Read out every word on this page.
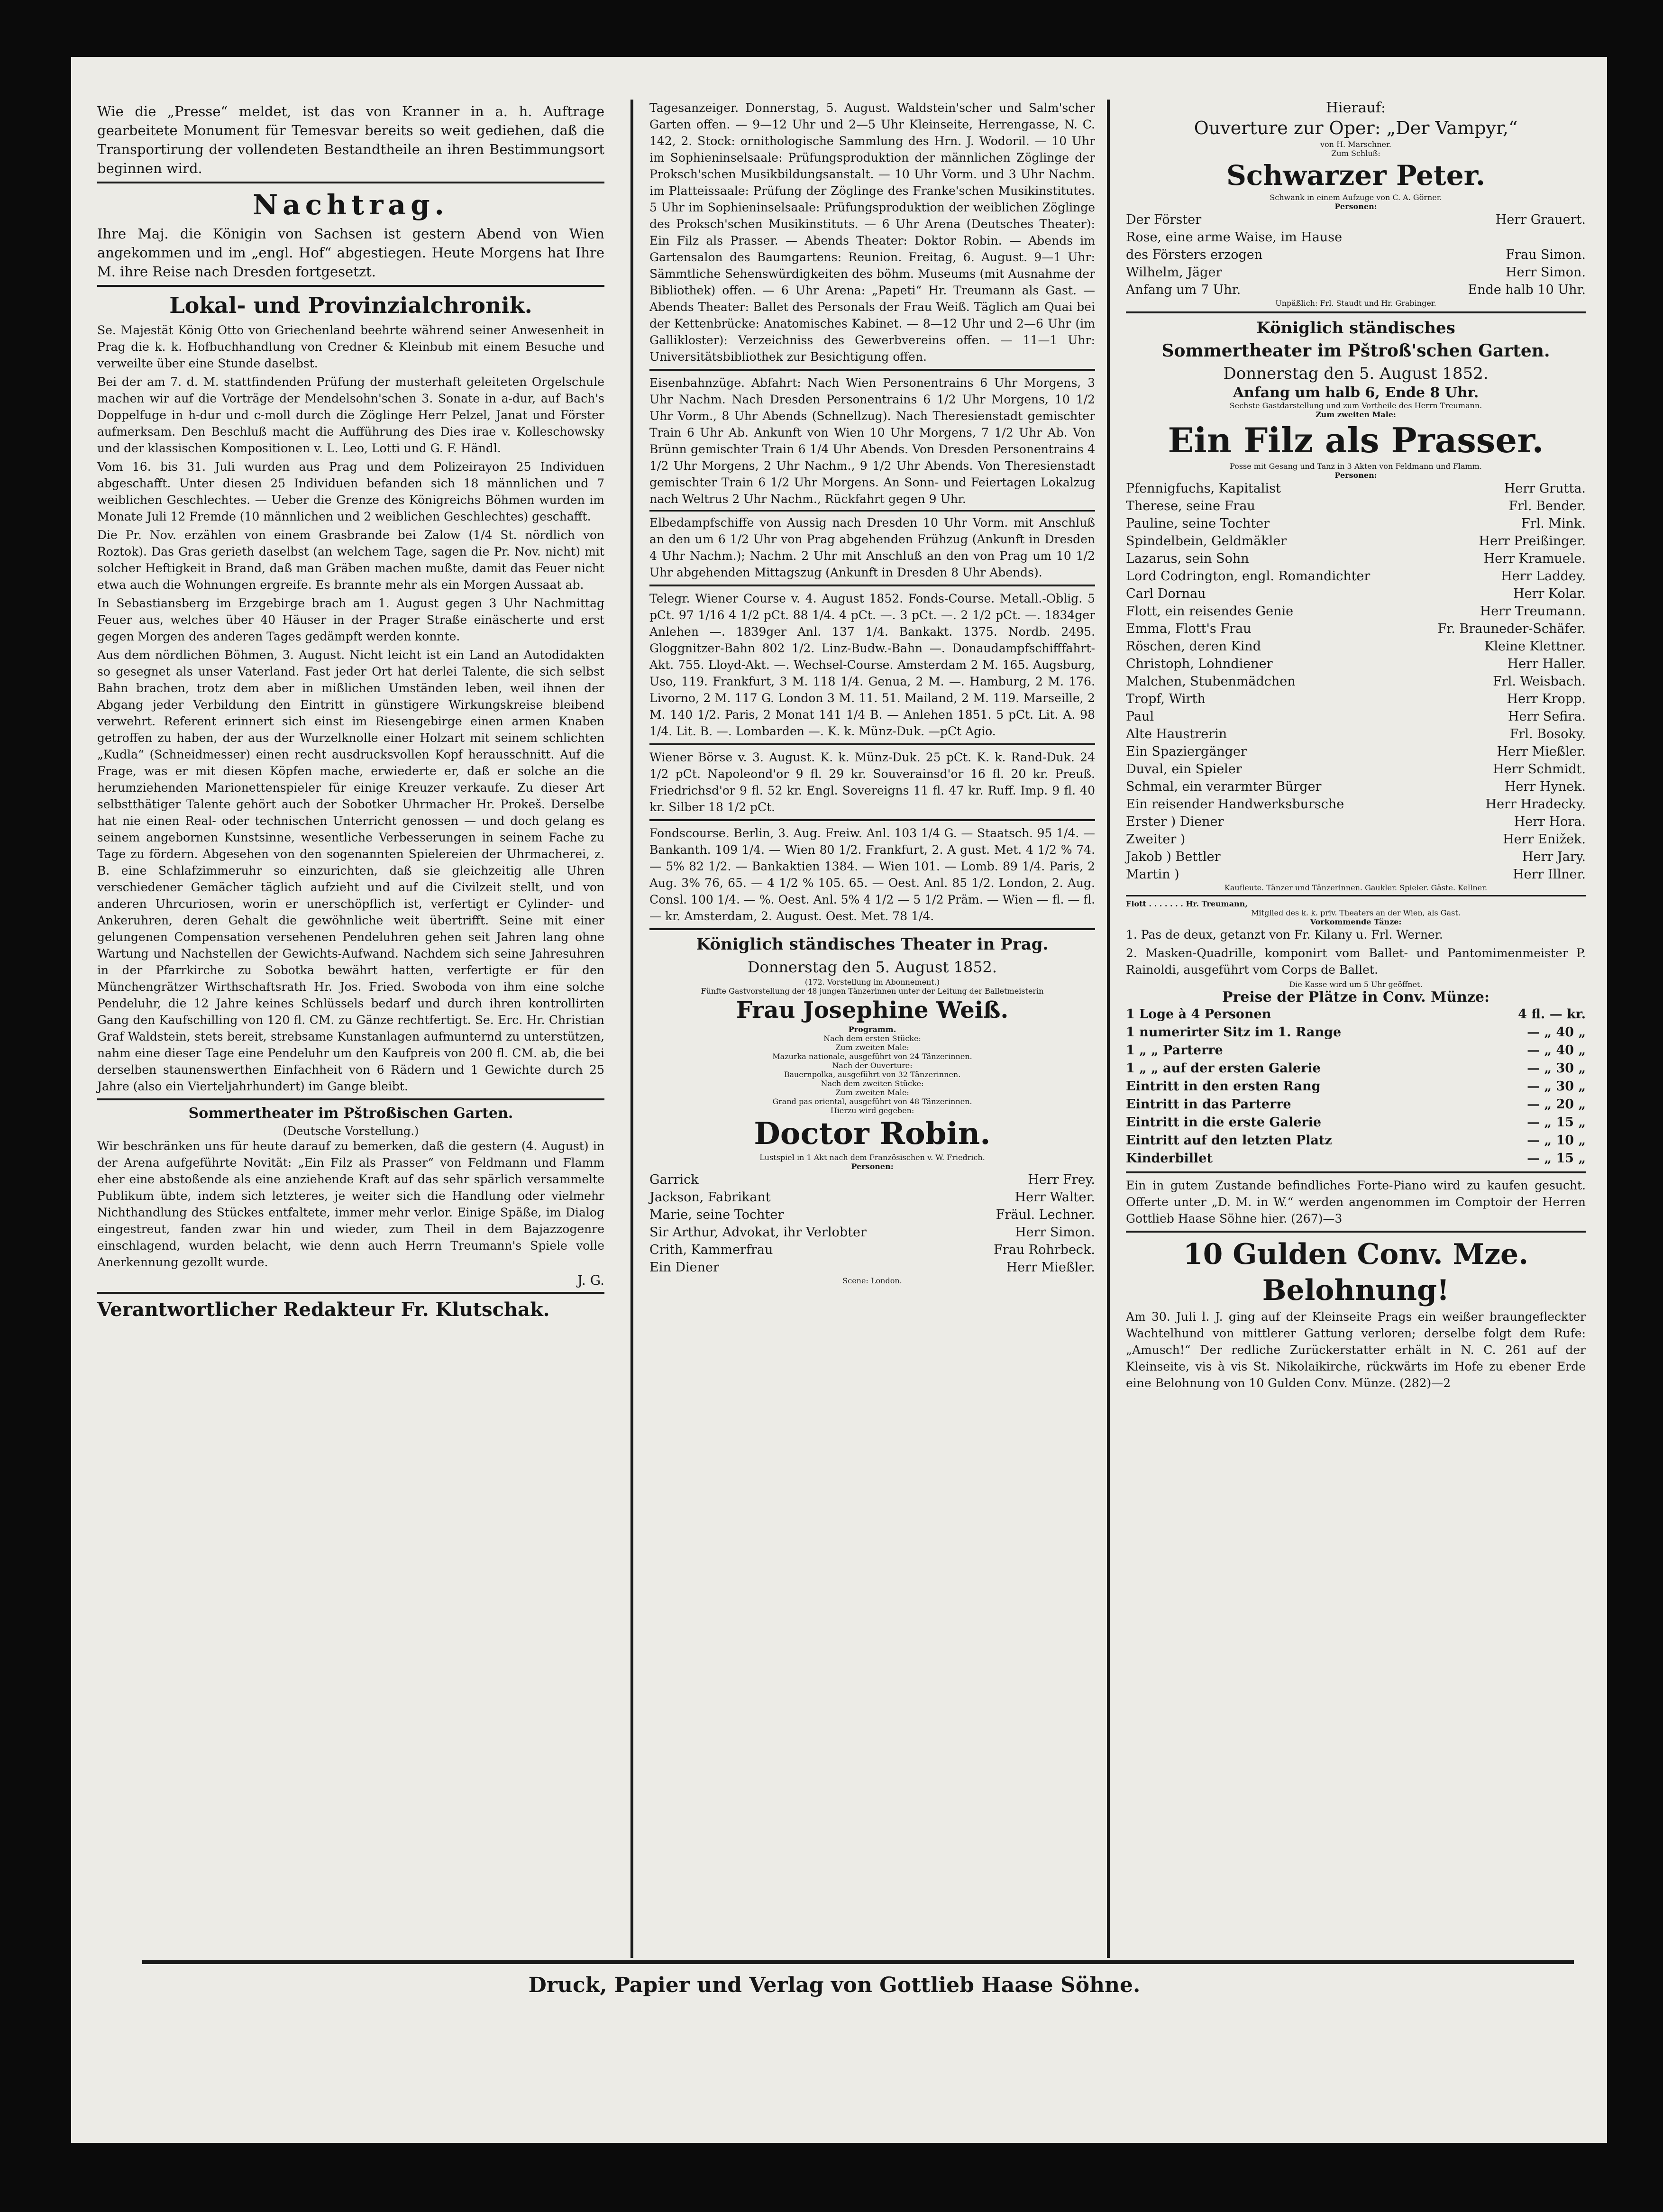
Wie die „Presse“ meldet, ist das von Kranner in a. h. Auftrage gearbeitete Monument für Temesvar bereits so weit gediehen, daß die Transportirung der vollendeten Bestandtheile an ihren Bestimmungsort beginnen wird.

Nachtrag.

Ihre Maj. die Königin von Sachsen ist gestern Abend von Wien angekommen und im „engl. Hof“ abgestiegen. Heute Morgens hat Ihre M. ihre Reise nach Dresden fortgesetzt.

Lokal- und Provinzialchronik.

Se. Majestät König Otto von Griechenland beehrte während seiner Anwesenheit in Prag die k. k. Hofbuchhandlung von Credner & Kleinbub mit einem Besuche und verweilte über eine Stunde daselbst.

Bei der am 7. d. M. stattfindenden Prüfung der musterhaft geleiteten Orgelschule machen wir auf die Vorträge der Mendelsohn'schen 3. Sonate in a-dur, auf Bach's Doppelfuge in h-dur und c-moll durch die Zöglinge Herr Pelzel, Janat und Förster aufmerksam. Den Beschluß macht die Aufführung des Dies irae v. Kolleschowsky und der klassischen Kompositionen v. L. Leo, Lotti und G. F. Händl.

Vom 16. bis 31. Juli wurden aus Prag und dem Polizeirayon 25 Individuen abgeschafft. Unter diesen 25 Individuen befanden sich 18 männlichen und 7 weiblichen Geschlechtes. — Ueber die Grenze des Königreichs Böhmen wurden im Monate Juli 12 Fremde (10 männlichen und 2 weiblichen Geschlechtes) geschafft.

Die Pr. Nov. erzählen von einem Grasbrande bei Zalow (1/4 St. nördlich von Roztok). Das Gras gerieth daselbst (an welchem Tage, sagen die Pr. Nov. nicht) mit solcher Heftigkeit in Brand, daß man Gräben machen mußte, damit das Feuer nicht etwa auch die Wohnungen ergreife. Es brannte mehr als ein Morgen Aussaat ab.

In Sebastiansberg im Erzgebirge brach am 1. August gegen 3 Uhr Nachmittag Feuer aus, welches über 40 Häuser in der Prager Straße einäscherte und erst gegen Morgen des anderen Tages gedämpft werden konnte.

Aus dem nördlichen Böhmen, 3. August. Nicht leicht ist ein Land an Autodidakten so gesegnet als unser Vaterland. Fast jeder Ort hat derlei Talente, die sich selbst Bahn brachen, trotz dem aber in mißlichen Umständen leben, weil ihnen der Abgang jeder Verbildung den Eintritt in günstigere Wirkungskreise bleibend verwehrt. Referent erinnert sich einst im Riesengebirge einen armen Knaben getroffen zu haben, der aus der Wurzelknolle einer Holzart mit seinem schlichten „Kudla“ (Schneidmesser) einen recht ausdrucksvollen Kopf herausschnitt. Auf die Frage, was er mit diesen Köpfen mache, erwiederte er, daß er solche an die herumziehenden Marionettenspieler für einige Kreuzer verkaufe. Zu dieser Art selbstthätiger Talente gehört auch der Sobotker Uhrmacher Hr. Prokeš. Derselbe hat nie einen Real- oder technischen Unterricht genossen — und doch gelang es seinem angebornen Kunstsinne, wesentliche Verbesserungen in seinem Fache zu Tage zu fördern. Abgesehen von den sogenannten Spielereien der Uhrmacherei, z. B. eine Schlafzimmeruhr so einzurichten, daß sie gleichzeitig alle Uhren verschiedener Gemächer täglich aufzieht und auf die Civilzeit stellt, und von anderen Uhrcuriosen, worin er unerschöpflich ist, verfertigt er Cylinder- und Ankeruhren, deren Gehalt die gewöhnliche weit übertrifft. Seine mit einer gelungenen Compensation versehenen Pendeluhren gehen seit Jahren lang ohne Wartung und Nachstellen der Gewichts-Aufwand. Nachdem sich seine Jahresuhren in der Pfarrkirche zu Sobotka bewährt hatten, verfertigte er für den Münchengrätzer Wirthschaftsrath Hr. Jos. Fried. Swoboda von ihm eine solche Pendeluhr, die 12 Jahre keines Schlüssels bedarf und durch ihren kontrollirten Gang den Kaufschilling von 120 fl. CM. zu Gänze rechtfertigt. Se. Erc. Hr. Christian Graf Waldstein, stets bereit, strebsame Kunstanlagen aufmunternd zu unterstützen, nahm eine dieser Tage eine Pendeluhr um den Kaufpreis von 200 fl. CM. ab, die bei derselben staunenswerthen Einfachheit von 6 Rädern und 1 Gewichte durch 25 Jahre (also ein Vierteljahrhundert) im Gange bleibt.

Sommertheater im Pštroßischen Garten.
(Deutsche Vorstellung.)

Wir beschränken uns für heute darauf zu bemerken, daß die gestern (4. August) in der Arena aufgeführte Novität: „Ein Filz als Prasser“ von Feldmann und Flamm eher eine abstoßende als eine anziehende Kraft auf das sehr spärlich versammelte Publikum übte, indem sich letzteres, je weiter sich die Handlung oder vielmehr Nichthandlung des Stückes entfaltete, immer mehr verlor. Einige Späße, im Dialog eingestreut, fanden zwar hin und wieder, zum Theil in dem Bajazzogenre einschlagend, wurden belacht, wie denn auch Herrn Treumann's Spiele volle Anerkennung gezollt wurde.

J. G.
Verantwortlicher Redakteur Fr. Klutschak.

Tagesanzeiger. Donnerstag, 5. August. Waldstein'scher und Salm'scher Garten offen. — 9—12 Uhr und 2—5 Uhr Kleinseite, Herrengasse, N. C. 142, 2. Stock: ornithologische Sammlung des Hrn. J. Wodoril. — 10 Uhr im Sophieninselsaale: Prüfungsproduktion der männlichen Zöglinge der Proksch'schen Musikbildungsanstalt. — 10 Uhr Vorm. und 3 Uhr Nachm. im Platteissaale: Prüfung der Zöglinge des Franke'schen Musikinstitutes. 5 Uhr im Sophieninselsaale: Prüfungsproduktion der weiblichen Zöglinge des Proksch'schen Musikinstituts. — 6 Uhr Arena (Deutsches Theater): Ein Filz als Prasser. — Abends Theater: Doktor Robin. — Abends im Gartensalon des Baumgartens: Reunion. Freitag, 6. August. 9—1 Uhr: Sämmtliche Sehenswürdigkeiten des böhm. Museums (mit Ausnahme der Bibliothek) offen. — 6 Uhr Arena: „Papeti“ Hr. Treumann als Gast. — Abends Theater: Ballet des Personals der Frau Weiß. Täglich am Quai bei der Kettenbrücke: Anatomisches Kabinet. — 8—12 Uhr und 2—6 Uhr (im Gallikloster): Verzeichniss des Gewerbvereins offen. — 11—1 Uhr: Universitätsbibliothek zur Besichtigung offen.

Eisenbahnzüge. Abfahrt: Nach Wien Personentrains 6 Uhr Morgens, 3 Uhr Nachm. Nach Dresden Personentrains 6 1/2 Uhr Morgens, 10 1/2 Uhr Vorm., 8 Uhr Abends (Schnellzug). Nach Theresienstadt gemischter Train 6 Uhr Ab. Ankunft von Wien 10 Uhr Morgens, 7 1/2 Uhr Ab. Von Brünn gemischter Train 6 1/4 Uhr Abends. Von Dresden Personentrains 4 1/2 Uhr Morgens, 2 Uhr Nachm., 9 1/2 Uhr Abends. Von Theresienstadt gemischter Train 6 1/2 Uhr Morgens. An Sonn- und Feiertagen Lokalzug nach Weltrus 2 Uhr Nachm., Rückfahrt gegen 9 Uhr.

Elbedampfschiffe von Aussig nach Dresden 10 Uhr Vorm. mit Anschluß an den um 6 1/2 Uhr von Prag abgehenden Frühzug (Ankunft in Dresden 4 Uhr Nachm.); Nachm. 2 Uhr mit Anschluß an den von Prag um 10 1/2 Uhr abgehenden Mittagszug (Ankunft in Dresden 8 Uhr Abends).

Telegr. Wiener Course v. 4. August 1852. Fonds-Course. Metall.-Oblig. 5 pCt. 97 1/16 4 1/2 pCt. 88 1/4. 4 pCt. —. 3 pCt. —. 2 1/2 pCt. —. 1834ger Anlehen —. 1839ger Anl. 137 1/4. Bankakt. 1375. Nordb. 2495. Gloggnitzer-Bahn 802 1/2. Linz-Budw.-Bahn —. Donaudampfschifffahrt-Akt. 755. Lloyd-Akt. —. Wechsel-Course. Amsterdam 2 M. 165. Augsburg, Uso, 119. Frankfurt, 3 M. 118 1/4. Genua, 2 M. —. Hamburg, 2 M. 176. Livorno, 2 M. 117 G. London 3 M. 11. 51. Mailand, 2 M. 119. Marseille, 2 M. 140 1/2. Paris, 2 Monat 141 1/4 B. — Anlehen 1851. 5 pCt. Lit. A. 98 1/4. Lit. B. —. Lombarden —. K. k. Münz-Duk. —pCt Agio.

Wiener Börse v. 3. August. K. k. Münz-Duk. 25 pCt. K. k. Rand-Duk. 24 1/2 pCt. Napoleond'or 9 fl. 29 kr. Souverainsd'or 16 fl. 20 kr. Preuß. Friedrichsd'or 9 fl. 52 kr. Engl. Sovereigns 11 fl. 47 kr. Ruff. Imp. 9 fl. 40 kr. Silber 18 1/2 pCt.

Fondscourse. Berlin, 3. Aug. Freiw. Anl. 103 1/4 G. — Staatsch. 95 1/4. — Bankanth. 109 1/4. — Wien 80 1/2. Frankfurt, 2. A gust. Met. 4 1/2 % 74. — 5% 82 1/2. — Bankaktien 1384. — Wien 101. — Lomb. 89 1/4. Paris, 2 Aug. 3% 76, 65. — 4 1/2 % 105. 65. — Oest. Anl. 85 1/2. London, 2. Aug. Consl. 100 1/4. — %. Oest. Anl. 5% 4 1/2 — 5 1/2 Präm. — Wien — fl. — fl. — kr. Amsterdam, 2. August. Oest. Met. 78 1/4.

Königlich ständisches Theater in Prag.
Donnerstag den 5. August 1852.
(172. Vorstellung im Abonnement.)
Fünfte Gastvorstellung der 48 jungen Tänzerinnen unter der Leitung der Balletmeisterin
Frau Josephine Weiß.
Programm.
Nach dem ersten Stücke:
Zum zweiten Male:
Mazurka nationale, ausgeführt von 24 Tänzerinnen.
Nach der Ouverture:
Bauernpolka, ausgeführt von 32 Tänzerinnen.
Nach dem zweiten Stücke:
Zum zweiten Male:
Grand pas oriental, ausgeführt von 48 Tänzerinnen.
Hierzu wird gegeben:
Doctor Robin.
Lustspiel in 1 Akt nach dem Französischen v. W. Friedrich.
Personen:
Garrick	Herr Frey.
Jackson, Fabrikant	Herr Walter.
Marie, seine Tochter	Fräul. Lechner.
Sir Arthur, Advokat, ihr Verlobter	Herr Simon.
Crith, Kammerfrau	Frau Rohrbeck.
Ein Diener	Herr Mießler.
Scene: London.
Hierauf:
Ouverture zur Oper: „Der Vampyr,“
von H. Marschner.
Zum Schluß:
Schwarzer Peter.
Schwank in einem Aufzuge von C. A. Görner.
Personen:
Der Förster	Herr Grauert.
Rose, eine arme Waise, im Hause
des Försters erzogen	Frau Simon.
Wilhelm, Jäger	Herr Simon.
Anfang um 7 Uhr.	Ende halb 10 Uhr.
Unpäßlich: Frl. Staudt und Hr. Grabinger.
Königlich ständisches
Sommertheater im Pštroß'schen Garten.
Donnerstag den 5. August 1852.
Anfang um halb 6, Ende 8 Uhr.
Sechste Gastdarstellung und zum Vortheile des Herrn Treumann.
Zum zweiten Male:
Ein Filz als Prasser.
Posse mit Gesang und Tanz in 3 Akten von Feldmann und Flamm.
Personen:
Pfennigfuchs, Kapitalist	Herr Grutta.
Therese, seine Frau	Frl. Bender.
Pauline, seine Tochter	Frl. Mink.
Spindelbein, Geldmäkler	Herr Preißinger.
Lazarus, sein Sohn	Herr Kramuele.
Lord Codrington, engl. Romandichter	Herr Laddey.
Carl Dornau	Herr Kolar.
Flott, ein reisendes Genie	Herr Treumann.
Emma, Flott's Frau	Fr. Brauneder-Schäfer.
Röschen, deren Kind	Kleine Klettner.
Christoph, Lohndiener	Herr Haller.
Malchen, Stubenmädchen	Frl. Weisbach.
Tropf, Wirth	Herr Kropp.
Paul	Herr Sefira.
Alte Haustrerin	Frl. Bosoky.
Ein Spaziergänger	Herr Mießler.
Duval, ein Spieler	Herr Schmidt.
Schmal, ein verarmter Bürger	Herr Hynek.
Ein reisender Handwerksbursche	Herr Hradecky.
Erster ) Diener	Herr Hora.
Zweiter )	Herr Enižek.
Jakob ) Bettler	Herr Jary.
Martin )	Herr Illner.
Kaufleute. Tänzer und Tänzerinnen. Gaukler. Spieler. Gäste. Kellner.
Flott . . . . . . . Hr. Treumann,
Mitglied des k. k. priv. Theaters an der Wien, als Gast.
Vorkommende Tänze:

1. Pas de deux, getanzt von Fr. Kilany u. Frl. Werner.

2. Masken-Quadrille, komponirt vom Ballet- und Pantomimenmeister P. Rainoldi, ausgeführt vom Corps de Ballet.

Die Kasse wird um 5 Uhr geöffnet.
Preise der Plätze in Conv. Münze:
1 Loge à 4 Personen	4 fl. — kr.
1 numerirter Sitz im 1. Range	— „ 40 „
1 „ „ Parterre	— „ 40 „
1 „ „ auf der ersten Galerie	— „ 30 „
Eintritt in den ersten Rang	— „ 30 „
Eintritt in das Parterre	— „ 20 „
Eintritt in die erste Galerie	— „ 15 „
Eintritt auf den letzten Platz	— „ 10 „
Kinderbillet	— „ 15 „

Ein in gutem Zustande befindliches Forte-Piano wird zu kaufen gesucht. Offerte unter „D. M. in W.“ werden angenommen im Comptoir der Herren Gottlieb Haase Söhne hier. (267)—3

10 Gulden Conv. Mze.
Belohnung!

Am 30. Juli l. J. ging auf der Kleinseite Prags ein weißer braungefleckter Wachtelhund von mittlerer Gattung verloren; derselbe folgt dem Rufe: „Amusch!“ Der redliche Zurückerstatter erhält in N. C. 261 auf der Kleinseite, vis à vis St. Nikolaikirche, rückwärts im Hofe zu ebener Erde eine Belohnung von 10 Gulden Conv. Münze. (282)—2

Druck, Papier und Verlag von Gottlieb Haase Söhne.
